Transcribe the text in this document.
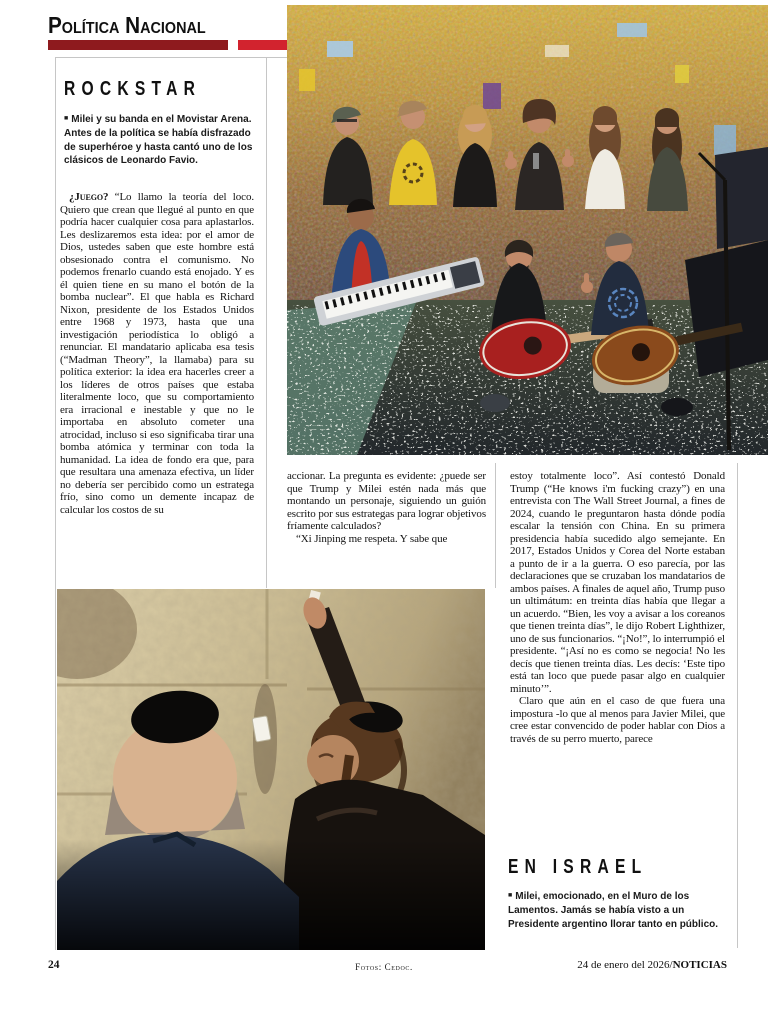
Política Nacional
ROCKSTAR
■ Milei y su banda en el Movistar Arena. Antes de la política se había disfrazado de superhéroe y hasta cantó uno de los clásicos de Leonardo Favio.

¿Juego? “Lo llamo la teoría del loco. Quiero que crean que llegué al punto en que podría hacer cualquier cosa para aplastarlos. Les deslizaremos esta idea: por el amor de Dios, ustedes saben que este hombre está obsesionado contra el comunismo. No podemos frenarlo cuando está enojado. Y es él quien tiene en su mano el botón de la bomba nuclear”. El que habla es Richard Nixon, presidente de los Estados Unidos entre 1968 y 1973, hasta que una investigación periodística lo obligó a renunciar. El mandatario aplicaba esa tesis (“Madman Theory”, la llamaba) para su política exterior: la idea era hacerles creer a los líderes de otros países que estaba literalmente loco, que su comportamiento era irracional e inestable y que no le importaba en absoluto cometer una atrocidad, incluso si eso significaba tirar una bomba atómica y terminar con toda la humanidad. La idea de fondo era que, para que resultara una amenaza efectiva, un líder no debería ser percibido como un estratega frío, sino como un demente incapaz de calcular los costos de su

accionar. La pregunta es evidente: ¿puede ser que Trump y Milei estén nada más que montando un personaje, siguiendo un guión escrito por sus estrategas para lograr objetivos fríamente calculados?

“Xi Jinping me respeta. Y sabe que

estoy totalmente loco”. Así contestó Donald Trump (“He knows i'm fucking crazy”) en una entrevista con The Wall Street Journal, a fines de 2024, cuando le preguntaron hasta dónde podía escalar la tensión con China. En su primera presidencia había sucedido algo semejante. En 2017, Estados Unidos y Corea del Norte estaban a punto de ir a la guerra. O eso parecía, por las declaraciones que se cruzaban los mandatarios de ambos países. A finales de aquel año, Trump puso un ultimátum: en treinta días había que llegar a un acuerdo. “Bien, les voy a avisar a los coreanos que tienen treinta días”, le dijo Robert Lighthizer, uno de sus funcionarios. “¡No!”, lo interrumpió el presidente. “¡Así no es como se negocia! No les decís que tienen treinta días. Les decís: ‘Este tipo está tan loco que puede pasar algo en cualquier minuto’”.

Claro que aún en el caso de que fuera una impostura -lo que al menos para Javier Milei, que cree estar convencido de poder hablar con Dios a través de su perro muerto, parece

EN ISRAEL
■ Milei, emocionado, en el Muro de los Lamentos. Jamás se había visto a un Presidente argentino llorar tanto en público.
24	Fotos: Cedoc.	24 de enero del 2026/NOTICIAS
